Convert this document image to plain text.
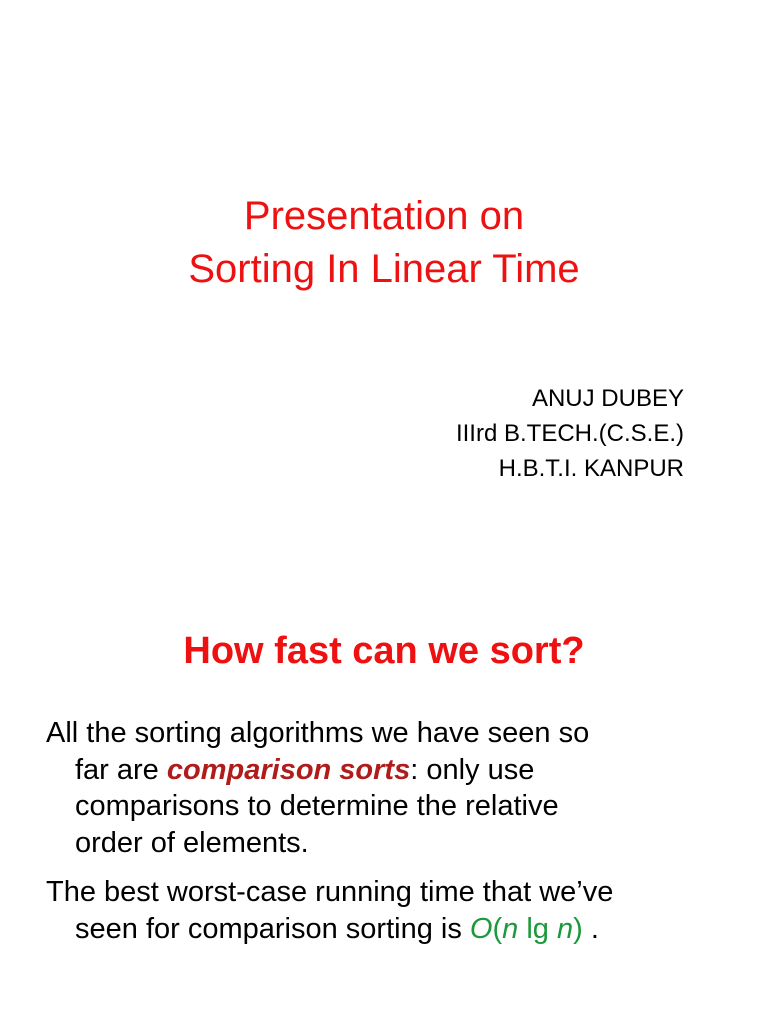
Presentation on
Sorting In Linear Time
ANUJ DUBEY
IIIrd B.TECH.(C.S.E.)
H.B.T.I. KANPUR
How fast can we sort?

All the sorting algorithms we have seen so
far are comparison sorts: only use
comparisons to determine the relative
order of elements.

The best worst-case running time that we’ve
seen for comparison sorting is O(n lg n) .
